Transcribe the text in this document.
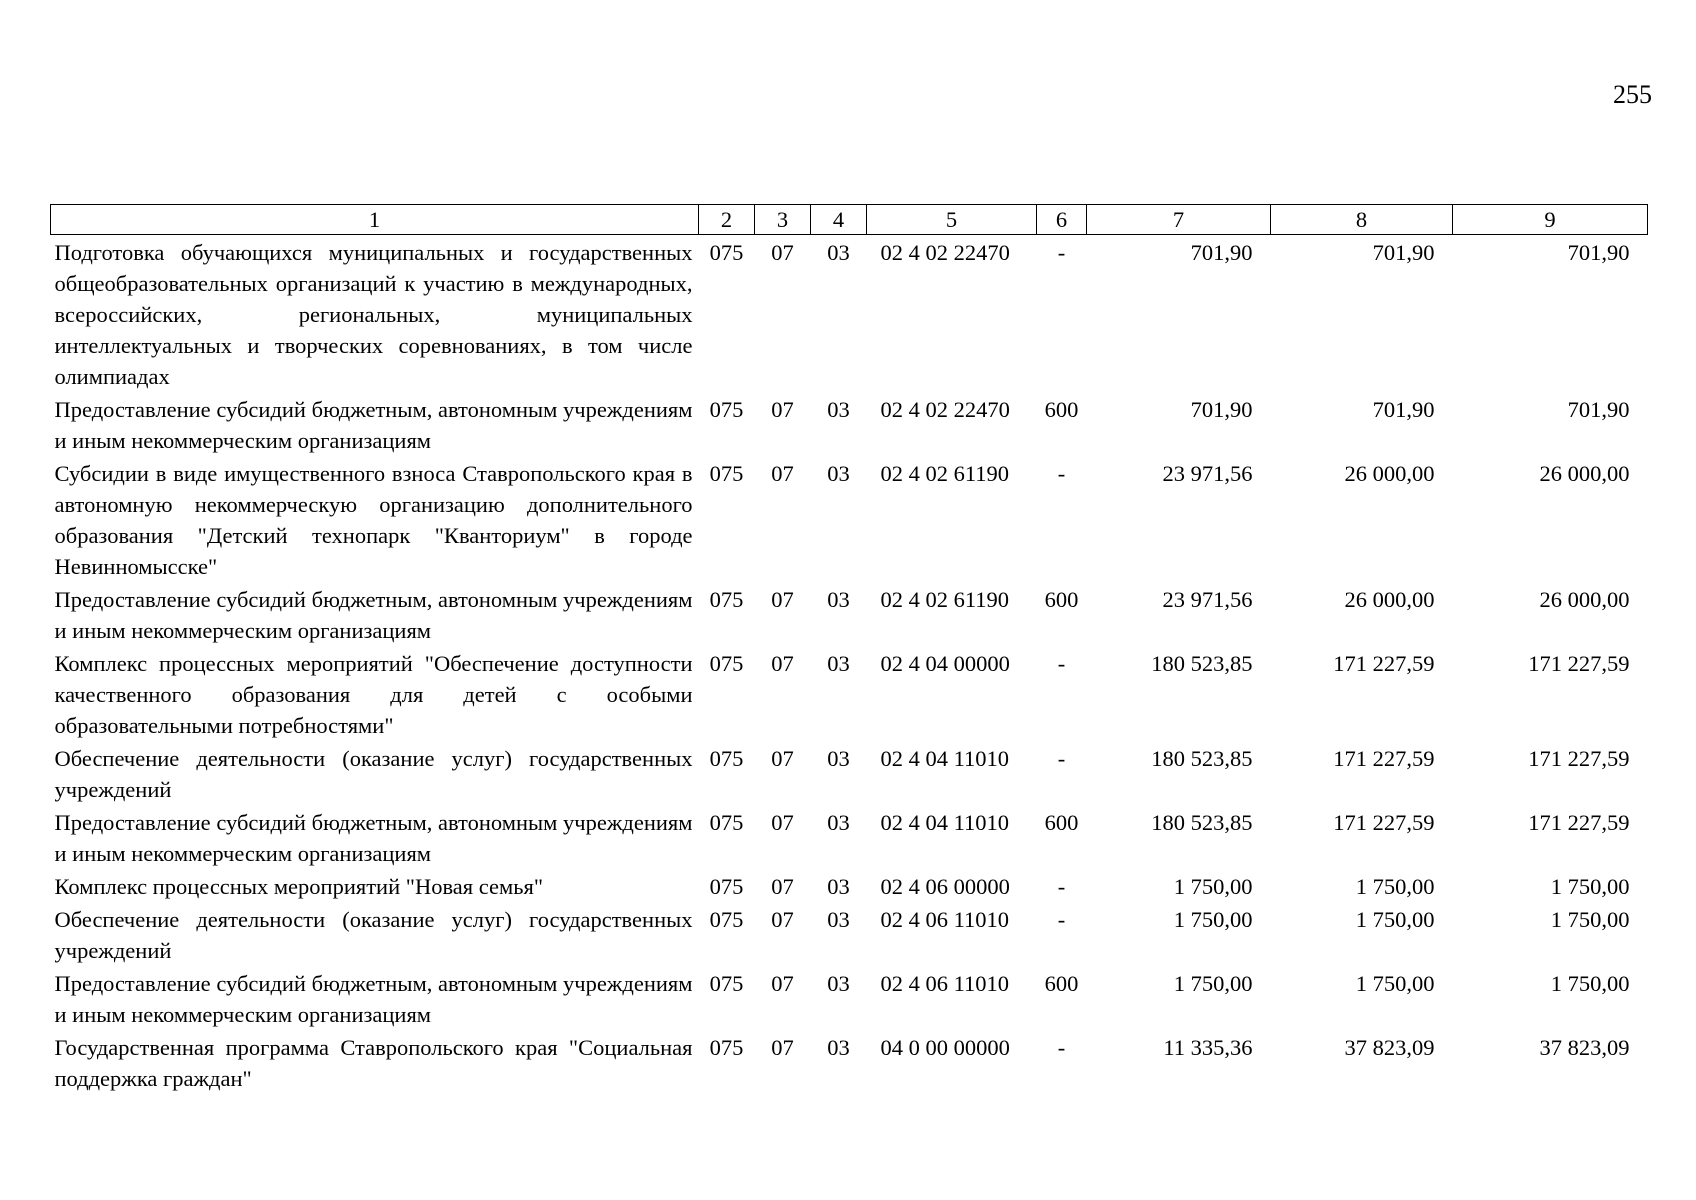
255
1	2	3	4	5	6	7	8	9
Подготовка обучающихся муниципальных и государственных общеобразовательных организаций к участию в международных, всероссийских, региональных, муниципальных интеллектуальных и творческих соревнованиях, в том числе олимпиадах	075	07	03	02 4 02 22470	-	701,90	701,90	701,90
Предоставление субсидий бюджетным, автономным учреждениям и иным некоммерческим организациям	075	07	03	02 4 02 22470	600	701,90	701,90	701,90
Субсидии в виде имущественного взноса Ставропольского края в автономную некоммерческую организацию дополнительного образования "Детский технопарк "Кванториум" в городе Невинномысске"	075	07	03	02 4 02 61190	-	23 971,56	26 000,00	26 000,00
Предоставление субсидий бюджетным, автономным учреждениям и иным некоммерческим организациям	075	07	03	02 4 02 61190	600	23 971,56	26 000,00	26 000,00
Комплекс процессных мероприятий "Обеспечение доступности качественного образования для детей с особыми образовательными потребностями"	075	07	03	02 4 04 00000	-	180 523,85	171 227,59	171 227,59
Обеспечение деятельности (оказание услуг) государственных учреждений	075	07	03	02 4 04 11010	-	180 523,85	171 227,59	171 227,59
Предоставление субсидий бюджетным, автономным учреждениям и иным некоммерческим организациям	075	07	03	02 4 04 11010	600	180 523,85	171 227,59	171 227,59
Комплекс процессных мероприятий "Новая семья"	075	07	03	02 4 06 00000	-	1 750,00	1 750,00	1 750,00
Обеспечение деятельности (оказание услуг) государственных учреждений	075	07	03	02 4 06 11010	-	1 750,00	1 750,00	1 750,00
Предоставление субсидий бюджетным, автономным учреждениям и иным некоммерческим организациям	075	07	03	02 4 06 11010	600	1 750,00	1 750,00	1 750,00
Государственная программа Ставропольского края "Социальная поддержка граждан"	075	07	03	04 0 00 00000	-	11 335,36	37 823,09	37 823,09
